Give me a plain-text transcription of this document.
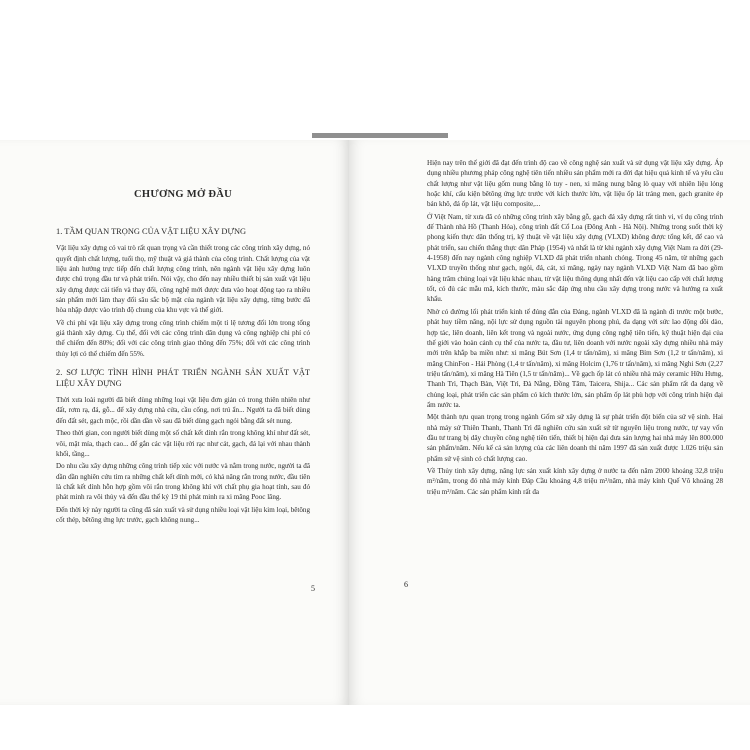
CHƯƠNG MỞ ĐẦU
1. TẦM QUAN TRỌNG CỦA VẬT LIỆU XÂY DỰNG

Vật liệu xây dựng có vai trò rất quan trọng và cần thiết trong các công trình xây dựng, nó quyết định chất lượng, tuổi thọ, mỹ thuật và giá thành của công trình. Chất lượng của vật liệu ảnh hưởng trực tiếp đến chất lượng công trình, nên ngành vật liệu xây dựng luôn được chú trọng đầu tư và phát triển. Nói vậy, cho đến nay nhiều thiết bị sản xuất vật liệu xây dựng được cải tiến và thay đổi, công nghệ mới được đưa vào hoạt động tạo ra nhiều sản phẩm mới làm thay đổi sâu sắc bộ mặt của ngành vật liệu xây dựng, từng bước đã hòa nhập được vào trình độ chung của khu vực và thế giới.

Về chi phí vật liệu xây dựng trong công trình chiếm một tỉ lệ tương đối lớn trong tổng giá thành xây dựng. Cụ thể, đối với các công trình dân dụng và công nghiệp chi phí có thể chiếm đến 80%; đối với các công trình giao thông đến 75%; đối với các công trình thủy lợi có thể chiếm đến 55%.

2. SƠ LƯỢC TÌNH HÌNH PHÁT TRIỂN NGÀNH SẢN XUẤT VẬT LIỆU XÂY DỰNG

Thời xưa loài người đã biết dùng những loại vật liệu đơn giản có trong thiên nhiên như đất, rơm rạ, đá, gỗ... để xây dựng nhà cửa, cầu cống, nơi trú ẩn... Người ta đã biết dùng đến đất sét, gạch mộc, rồi dần dần về sau đã biết dùng gạch ngói bằng đất sét nung.

Theo thời gian, con người biết dùng một số chất kết dính rắn trong không khí như đất sét, vôi, mật mía, thạch cao... để gắn các vật liệu rời rạc như cát, gạch, đá lại với nhau thành khối, tầng...

Do nhu cầu xây dựng những công trình tiếp xúc với nước và nằm trong nước, người ta đã dần dần nghiên cứu tìm ra những chất kết dính mới, có khả năng rắn trong nước, đầu tiên là chất kết dính hỗn hợp gồm vôi rắn trong không khí với chất phụ gia hoạt tính, sau đó phát minh ra vôi thủy và đến đầu thế kỷ 19 thì phát minh ra xi măng Pooc lăng.

Đến thời kỳ này người ta cũng đã sản xuất và sử dụng nhiều loại vật liệu kim loại, bêtông cốt thép, bêtông ứng lực trước, gạch không nung...

5

Hiện nay trên thế giới đã đạt đến trình độ cao về công nghệ sản xuất và sử dụng vật liệu xây dựng. Áp dụng nhiều phương pháp công nghệ tiên tiến nhiều sản phẩm mới ra đời đạt hiệu quả kinh tế và yêu cầu chất lượng như vật liệu gốm nung bằng lò tuy - nen, xi măng nung bằng lò quay với nhiên liệu lỏng hoặc khí, cấu kiện bêtông ứng lực trước với kích thước lớn, vật liệu ốp lát tráng men, gạch granite ép bán khô, đá ốp lát, vật liệu composite,...

Ở Việt Nam, từ xưa đã có những công trình xây bằng gỗ, gạch đá xây dựng rất tinh vi, ví dụ công trình đế Thành nhà Hồ (Thanh Hóa), công trình đất Cổ Loa (Đông Anh - Hà Nội). Những trong suốt thời kỳ phong kiến thực dân thống trị, kỹ thuật về vật liệu xây dựng (VLXD) không được tổng kết, để cao và phát triển, sau chiến thắng thực dân Pháp (1954) và nhất là từ khi ngành xây dựng Việt Nam ra đời (29-4-1958) đến nay ngành công nghiệp VLXD đã phát triển nhanh chóng. Trong 45 năm, từ những gạch VLXD truyền thống như gạch, ngói, đá, cát, xi măng, ngày nay ngành VLXD Việt Nam đã bao gồm hàng trăm chủng loại vật liệu khác nhau, từ vật liệu thông dụng nhất đến vật liệu cao cấp với chất lượng tốt, có đủ các mẫu mã, kích thước, màu sắc đáp ứng nhu cầu xây dựng trong nước và hướng ra xuất khẩu.

Nhờ có đường lối phát triển kinh tế đúng đắn của Đảng, ngành VLXD đã là ngành đi trước một bước, phát huy tiềm năng, nội lực sử dụng nguồn tài nguyên phong phú, đa dạng với sức lao động dồi dào, hợp tác, liên doanh, liên kết trong và ngoài nước, ứng dụng công nghệ tiên tiến, kỹ thuật hiện đại của thế giới vào hoàn cảnh cụ thể của nước ta, đầu tư, liên doanh với nước ngoài xây dựng nhiều nhà máy mới trên khắp ba miền như: xi măng Bút Sơn (1,4 tr tấn/năm), xi măng Bỉm Sơn (1,2 tr tấn/năm), xi măng ChinFon - Hải Phòng (1,4 tr tấn/năm), xi măng Holcim (1,76 tr tấn/năm), xi măng Nghi Sơn (2,27 triệu tấn/năm), xi măng Hà Tiên (1,5 tr tấn/năm)... Về gạch ốp lát có nhiều nhà máy ceramic Hữu Hưng, Thanh Trì, Thạch Bàn, Việt Trì, Đà Nẵng, Đồng Tâm, Taicera, Shija... Các sản phẩm rất đa dạng về chủng loại, phát triển các sản phẩm có kích thước lớn, sản phẩm ốp lát phù hợp với công trình hiện đại ẩm nước ta.

Một thành tựu quan trọng trong ngành Gốm sứ xây dựng là sự phát triển đột biến của sứ vệ sinh. Hai nhà máy sứ Thiên Thanh, Thanh Trì đã nghiên cứu sản xuất sứ từ nguyên liệu trong nước, tự vay vốn đầu tư trang bị dây chuyền công nghệ tiên tiến, thiết bị hiện đại đưa sản lượng hai nhà máy lên 800.000 sản phẩm/năm. Nếu kể cả sản lượng của các liên doanh thì năm 1997 đã sản xuất được 1.026 triệu sản phẩm sứ vệ sinh có chất lượng cao.

Về Thủy tinh xây dựng, năng lực sản xuất kính xây dựng ở nước ta đến năm 2000 khoảng 32,8 triệu m²/năm, trong đó nhà máy kính Đáp Cầu khoảng 4,8 triệu m²/năm, nhà máy kính Quế Võ khoảng 28 triệu m²/năm. Các sản phẩm kính rất đa

6
